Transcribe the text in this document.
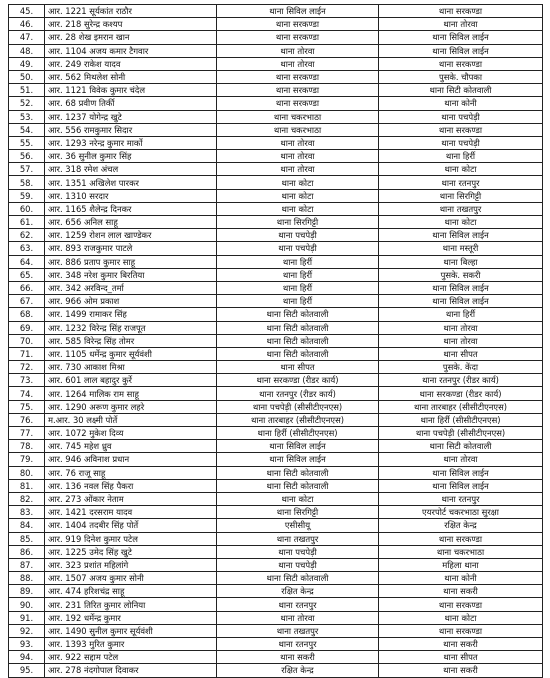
45.	आर. 1221 सूर्यकांत राठौर	थाना सिविल लाईन	थाना सरकण्डा
46.	आर. 218 सुरेन्द्र कश्यप	थाना सरकण्डा	थाना तोरवा
47.	आर. 28 शेख इमरान खान	थाना सरकण्डा	थाना सिविल लाईन
48.	आर. 1104 अजय कमार टैगवार	थाना तोरवा	थाना सिविल लाईन
49.	आर. 249 राकेश यादव	थाना तोरवा	थाना सरकण्डा
50.	आर. 562 मिथलेश सोनी	थाना सरकण्डा	पुसके. चौपका
51.	आर. 1121 विवेक कुमार चंदेल	थाना सरकण्डा	थाना सिटी कोतवाली
52.	आर. 68 प्रवीण तिर्की	थाना सरकण्डा	थाना कोनी
53.	आर. 1237 योगेन्द्र खुटे	थाना चकरभाठा	थाना पचपेड़ी
54.	आर. 556 रामकुमार सिदार	थाना चकरभाठा	थाना सरकण्डा
55.	आर. 1293 नरेन्द्र कुमार मार्को	थाना तोरवा	थाना पचपेड़ी
56.	आर. 36 सुनील कुमार सिंह	थाना तोरवा	थाना हिर्री
57.	आर. 318 रमेश अंचल	थाना तोरवा	थाना कोटा
58.	आर. 1351 अखिलेश पारकर	थाना कोटा	थाना रतनपुर
59.	आर. 1310 सरदार	थाना कोटा	थाना सिरगिट्टी
60.	आर. 1165 शैलेन्द्र दिनकर	थाना कोटा	थाना तखतपुर
61.	आर. 656 अनिल साहू	थाना सिरगिट्टी	थाना कोटा
62.	आर. 1259 रोशन लाल खाण्डेकर	थाना पचपेड़ी	थाना सिविल लाईन
63.	आर. 893 राजकुमार पाटले	थाना पचपेड़ी	थाना मस्तूरी
64.	आर. 886 प्रताप कुमार साहू	थाना हिर्री	थाना बिल्हा
65.	आर. 348 नरेश कुमार बिरतिया	थाना हिर्री	पुसके. सकरी
66.	आर. 342 अरविन्द_तर्मा	थाना हिर्री	थाना सिविल लाईन
67.	आर. 966 ओम प्रकाश	थाना हिर्री	थाना सिविल लाईन
68.	आर. 1499 रामाकर सिंह	थाना सिटी कोतवाली	थाना हिर्री
69.	आर. 1232 विरेन्द्र सिंह राजपूत	थाना सिटी कोतवाली	थाना तोरवा
70.	आर. 585 विरेन्द्र सिंह तोमर	थाना सिटी कोतवाली	थाना तोरवा
71.	आर. 1105 धर्मेन्द्र कुमार सूर्यवंशी	थाना सिटी कोतवाली	थाना सीपत
72.	आर. 730 आकाश मिश्रा	थाना सीपत	पुसके. केंदा
73.	आर. 601 लाल बहादुर कुर्रे	थाना सरकण्डा (रीडर कार्य)	थाना रतनपुर (रीडर कार्य)
74.	आर. 1264 मालिक राम साहू	थाना रतनपुर (रीडर कार्य)	थाना सरकण्डा (रीडर कार्य)
75.	आर. 1290 अरूण कुमार लहरे	थाना पचपेड़ी (सीसीटीएनएस)	थाना तारबाहर (सीसीटीएनएस)
76.	म.आर. 30 लक्ष्मी पोर्ते	थाना तारबाहर (सीसीटीएनएस)	थाना हिर्री (सीसीटीएनएस)
77.	आर. 1072 मुकेश दिव्य	थाना हिर्री (सीसीटीएनएस)	थाना पचपेड़ी (सीसीटीएनएस)
78.	आर. 745 महेश ध्रुव	थाना सिविल लाईन	थाना सिटी कोतवाली
79.	आर. 946 अविनाश प्रधान	थाना सिविल लाईन	थाना तोरवा
80.	आर. 76 राजू साहू	थाना सिटी कोतवाली	थाना सिविल लाईन
81.	आर. 136 नवल सिंह पैकरा	थाना सिटी कोतवाली	थाना सिविल लाईन
82.	आर. 273 ओंकार नेताम	थाना कोटा	थाना रतनपुर
83.	आर. 1421 दरसराम यादव	थाना सिरगिट्टी	एयरपोर्ट चकरभाठा सुरक्षा
84.	आर. 1404 तदबीर सिंह पोर्ते	एसीसीयू	रक्षित केन्द्र
85.	आर. 919 दिनेश कुमार पटेल	थाना तखतपुर	थाना सरकण्डा
86.	आर. 1225 उमेद सिंह खुटे	थाना पचपेड़ी	थाना चकरभाठा
87.	आर. 323 प्रशांत महिलांगे	थाना पचपेड़ी	महिला थाना
88.	आर. 1507 अजय कुमार सोनी	थाना सिटी कोतवाली	थाना कोनी
89.	आर. 474 हरिशचंद्र साहू	रक्षित केन्द्र	थाना सकरी
90.	आर. 231 तिरित कुमार लोनिया	थाना रतनपुर	थाना सरकण्डा
91.	आर. 192 धर्मेन्द्र कुमार	थाना तोरवा	थाना कोटा
92.	आर. 1490 सुनील कुमार सूर्यवंशी	थाना तखतपुर	थाना सरकण्डा
93.	आर. 1393 मुरित कुमार	थाना रतनपुर	थाना सकरी
94.	आर. 922 सद्दाम पटेल	थाना सकरी	थाना सीपत
95.	आर. 278 नंदगोपाल दिवाकर	रक्षित केन्द्र	थाना सकरी
